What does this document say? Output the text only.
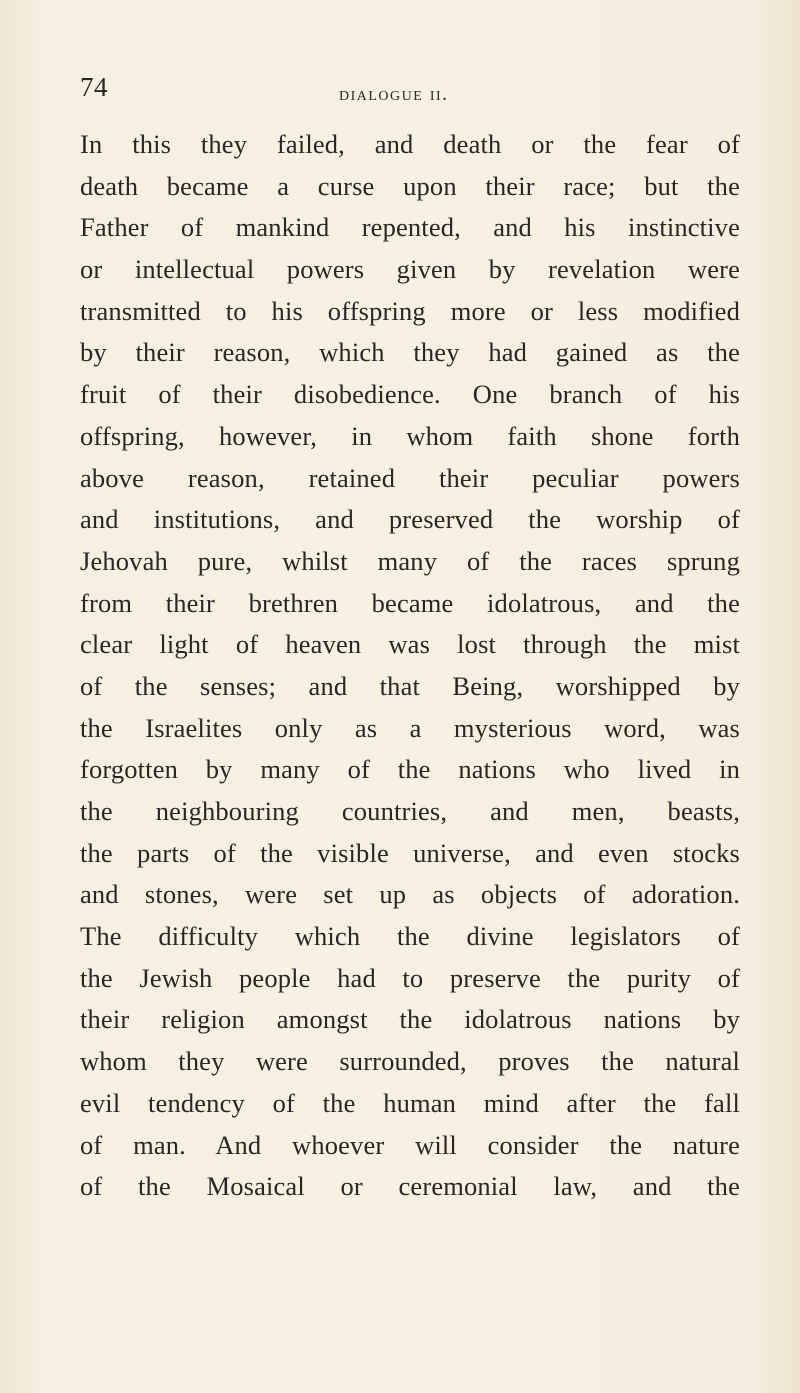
74	dialogue ii.
In this they failed, and death or the fear of
death became a curse upon their race; but the
Father of mankind repented, and his instinctive
or intellectual powers given by revelation were
transmitted to his offspring more or less modified
by their reason, which they had gained as the
fruit of their disobedience. One branch of his
offspring, however, in whom faith shone forth
above reason, retained their peculiar powers
and institutions, and preserved the worship of
Jehovah pure, whilst many of the races sprung
from their brethren became idolatrous, and the
clear light of heaven was lost through the mist
of the senses; and that Being, worshipped by
the Israelites only as a mysterious word, was
forgotten by many of the nations who lived in
the neighbouring countries, and men, beasts,
the parts of the visible universe, and even stocks
and stones, were set up as objects of adoration.
The difficulty which the divine legislators of
the Jewish people had to preserve the purity of
their religion amongst the idolatrous nations by
whom they were surrounded, proves the natural
evil tendency of the human mind after the fall
of man. And whoever will consider the nature
of the Mosaical or ceremonial law, and the
